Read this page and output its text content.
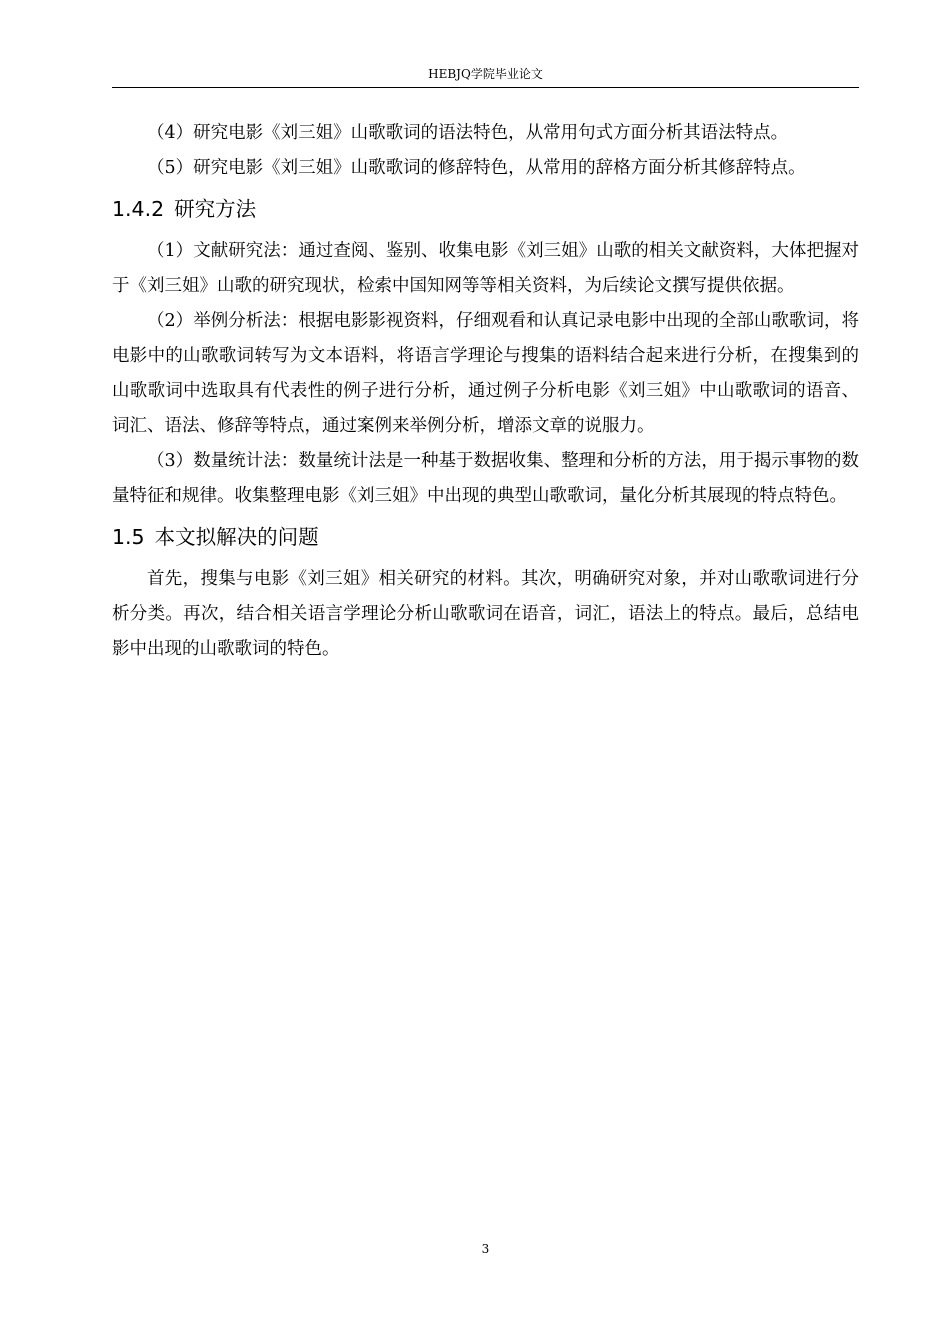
HEBJQ学院毕业论文

（4）研究电影《刘三姐》山歌歌词的语法特色，从常用句式方面分析其语法特点。

（5）研究电影《刘三姐》山歌歌词的修辞特色，从常用的辞格方面分析其修辞特点。

1.4.2 研究方法

（1）文献研究法：通过查阅、鉴别、收集电影《刘三姐》山歌的相关文献资料，大体把握对于《刘三姐》山歌的研究现状，检索中国知网等等相关资料，为后续论文撰写提供依据。

（2）举例分析法：根据电影影视资料，仔细观看和认真记录电影中出现的全部山歌歌词，将电影中的山歌歌词转写为文本语料，将语言学理论与搜集的语料结合起来进行分析，在搜集到的山歌歌词中选取具有代表性的例子进行分析，通过例子分析电影《刘三姐》中山歌歌词的语音、词汇、语法、修辞等特点，通过案例来举例分析，增添文章的说服力。

（3）数量统计法：数量统计法是一种基于数据收集、整理和分析的方法，用于揭示事物的数量特征和规律。收集整理电影《刘三姐》中出现的典型山歌歌词，量化分析其展现的特点特色。

1.5 本文拟解决的问题

首先，搜集与电影《刘三姐》相关研究的材料。其次，明确研究对象，并对山歌歌词进行分析分类。再次，结合相关语言学理论分析山歌歌词在语音，词汇，语法上的特点。最后，总结电影中出现的山歌歌词的特色。

3
